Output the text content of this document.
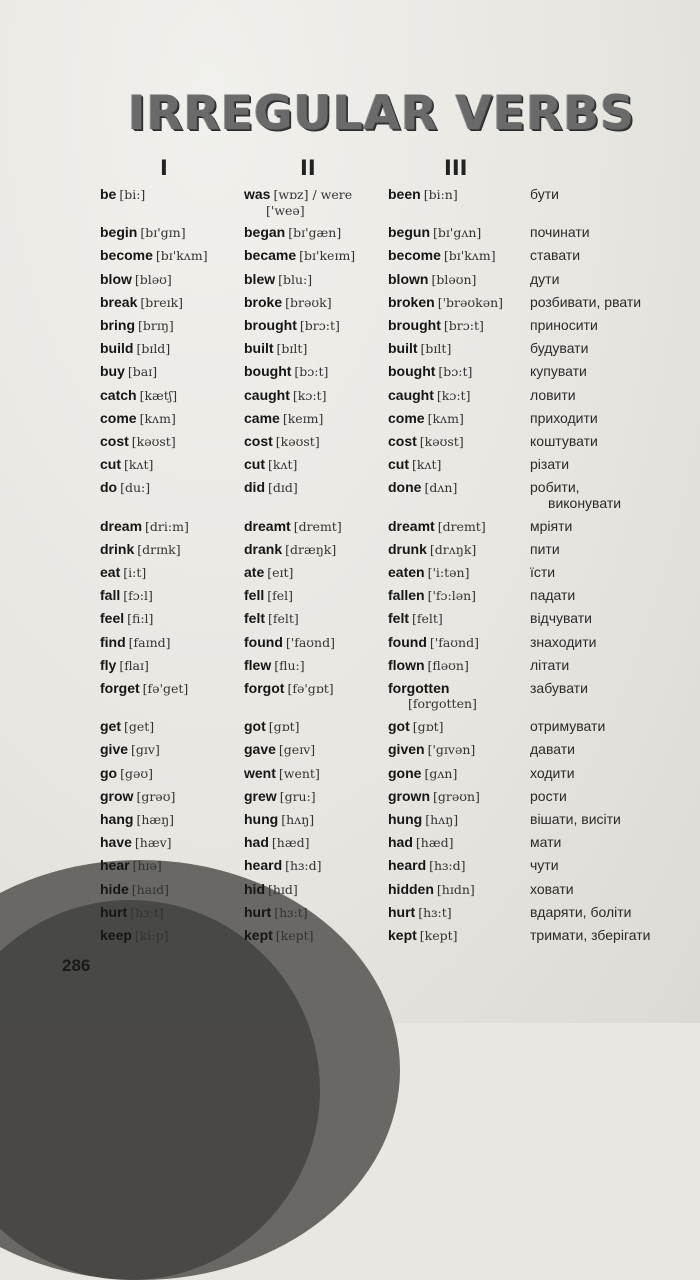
IRREGULAR VERBS
I	II	III
be [bi:]	was [wɒz] / were
['weə]
been [bi:n]	бути
begin [bɪ'gɪn]	began [bɪ'gæn]	begun [bɪ'gʌn]	починати
become [bɪ'kʌm]	became [bɪ'keɪm] become [bɪ'kʌm] ставати
blow [bləʊ]	blew [blu:]	blown [bləʊn]	дути
break [breɪk]	broke [brəʊk]	broken ['brəʊkən] розбивати, рвати
bring [brɪŋ]	brought [brɔ:t]	brought [brɔ:t]	приносити
build [bɪld]	built [bɪlt]	built [bɪlt]	будувати
buy [baɪ]	bought [bɔ:t]	bought [bɔ:t]	купувати
catch [kætʃ]	caught [kɔ:t]	caught [kɔ:t]	ловити
come [kʌm]	came [keɪm]	come [kʌm]	приходити
cost [kəʊst]	cost [kəʊst]	cost [kəʊst]	коштувати
cut [kʌt]	cut [kʌt]	cut [kʌt]	різати
do [du:]	did [dɪd]	done [dʌn]	робити,
виконувати
dream [dri:m]	dreamt [dremt]	dreamt [dremt]	мріяти
drink [drɪnk]	drank [dræŋk]	drunk [drʌŋk]	пити
eat [i:t]	ate [eɪt]	eaten ['i:tən]	їсти
fall [fɔ:l]	fell [fel]	fallen ['fɔ:lən]	падати
feel [fi:l]	felt [felt]	felt [felt]	відчувати
find [faɪnd]	found ['faʊnd]	found ['faʊnd]	знаходити
fly [flaɪ]	flew [flu:]	flown [fləʊn]	літати
forget [fə'get]	forgot [fə'gɒt]	forgotten
[forgotten]
забувати
get [get]	got [gɒt]	got [gɒt]	отримувати
give [gɪv]	gave [geɪv]	given ['gɪvən]	давати
go [gəʊ]	went [went]	gone [gʌn]	ходити
grow [grəʊ]	grew [gru:]	grown [grəʊn]	рости
hang [hæŋ]	hung [hʌŋ]	hung [hʌŋ]	вішати, висіти
have [hæv]	had [hæd]	had [hæd]	мати
hear [hɪə]	heard [hɜ:d]	heard [hɜ:d]	чути
hide [haɪd]	hid [hɪd]	hidden [hɪdn]	ховати
hurt [hɜ:t]	hurt [hɜ:t]	hurt [hɜ:t]	вдаряти, боліти
keep [ki:p]	kept [kept]	kept [kept]	тримати, зберігати
286
